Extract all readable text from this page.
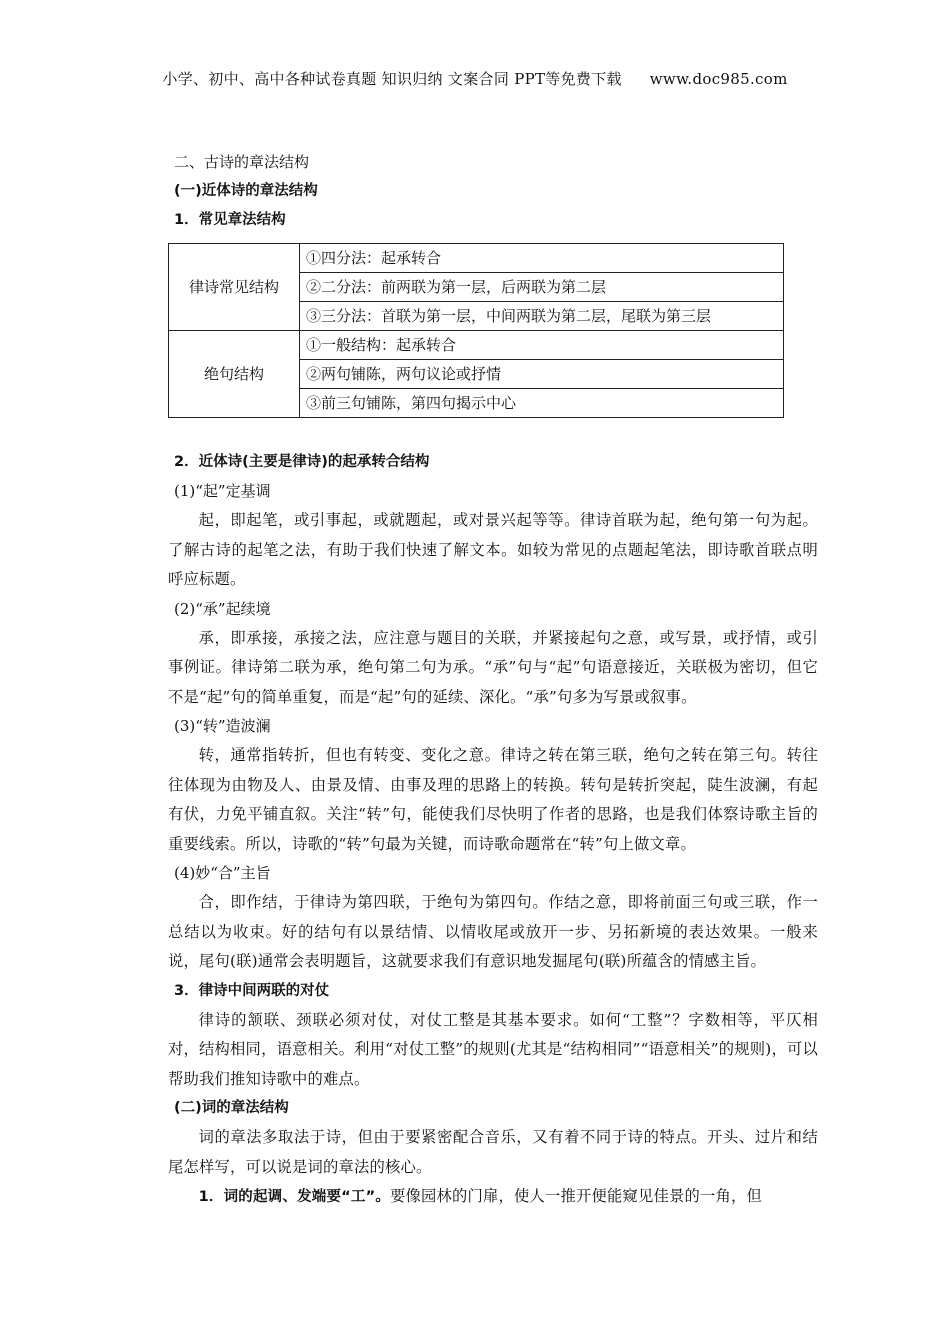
小学、初中、高中各种试卷真题 知识归纳 文案合同 PPT等免费下载 www.doc985.com
二、古诗的章法结构
(一)近体诗的章法结构
1．常见章法结构
律诗常见结构	①四分法：起承转合
	②二分法：前两联为第一层，后两联为第二层
	③三分法：首联为第一层，中间两联为第二层，尾联为第三层
绝句结构	①一般结构：起承转合
	②两句铺陈，两句议论或抒情
	③前三句铺陈，第四句揭示中心
2．近体诗(主要是律诗)的起承转合结构
(1)“起”定基调

起，即起笔，或引事起，或就题起，或对景兴起等等。律诗首联为起，绝句第一句为起。了解古诗的起笔之法，有助于我们快速了解文本。如较为常见的点题起笔法，即诗歌首联点明呼应标题。

(2)“承”起续境

承，即承接，承接之法，应注意与题目的关联，并紧接起句之意，或写景，或抒情，或引事例证。律诗第二联为承，绝句第二句为承。“承”句与“起”句语意接近，关联极为密切，但它不是“起”句的简单重复，而是“起”句的延续、深化。“承”句多为写景或叙事。

(3)“转”造波澜

转，通常指转折，但也有转变、变化之意。律诗之转在第三联，绝句之转在第三句。转往往体现为由物及人、由景及情、由事及理的思路上的转换。转句是转折突起，陡生波澜，有起有伏，力免平铺直叙。关注“转”句，能使我们尽快明了作者的思路，也是我们体察诗歌主旨的重要线索。所以，诗歌的“转”句最为关键，而诗歌命题常在“转”句上做文章。

(4)妙“合”主旨

合，即作结，于律诗为第四联，于绝句为第四句。作结之意，即将前面三句或三联，作一总结以为收束。好的结句有以景结情、以情收尾或放开一步、另拓新境的表达效果。一般来说，尾句(联)通常会表明题旨，这就要求我们有意识地发掘尾句(联)所蕴含的情感主旨。

3．律诗中间两联的对仗

律诗的颔联、颈联必须对仗，对仗工整是其基本要求。如何“工整”？字数相等，平仄相对，结构相同，语意相关。利用“对仗工整”的规则(尤其是“结构相同”“语意相关”的规则)，可以帮助我们推知诗歌中的难点。

(二)词的章法结构

词的章法多取法于诗，但由于要紧密配合音乐，又有着不同于诗的特点。开头、过片和结尾怎样写，可以说是词的章法的核心。

1．词的起调、发端要“工”。要像园林的门扉，使人一推开便能窥见佳景的一角，但
